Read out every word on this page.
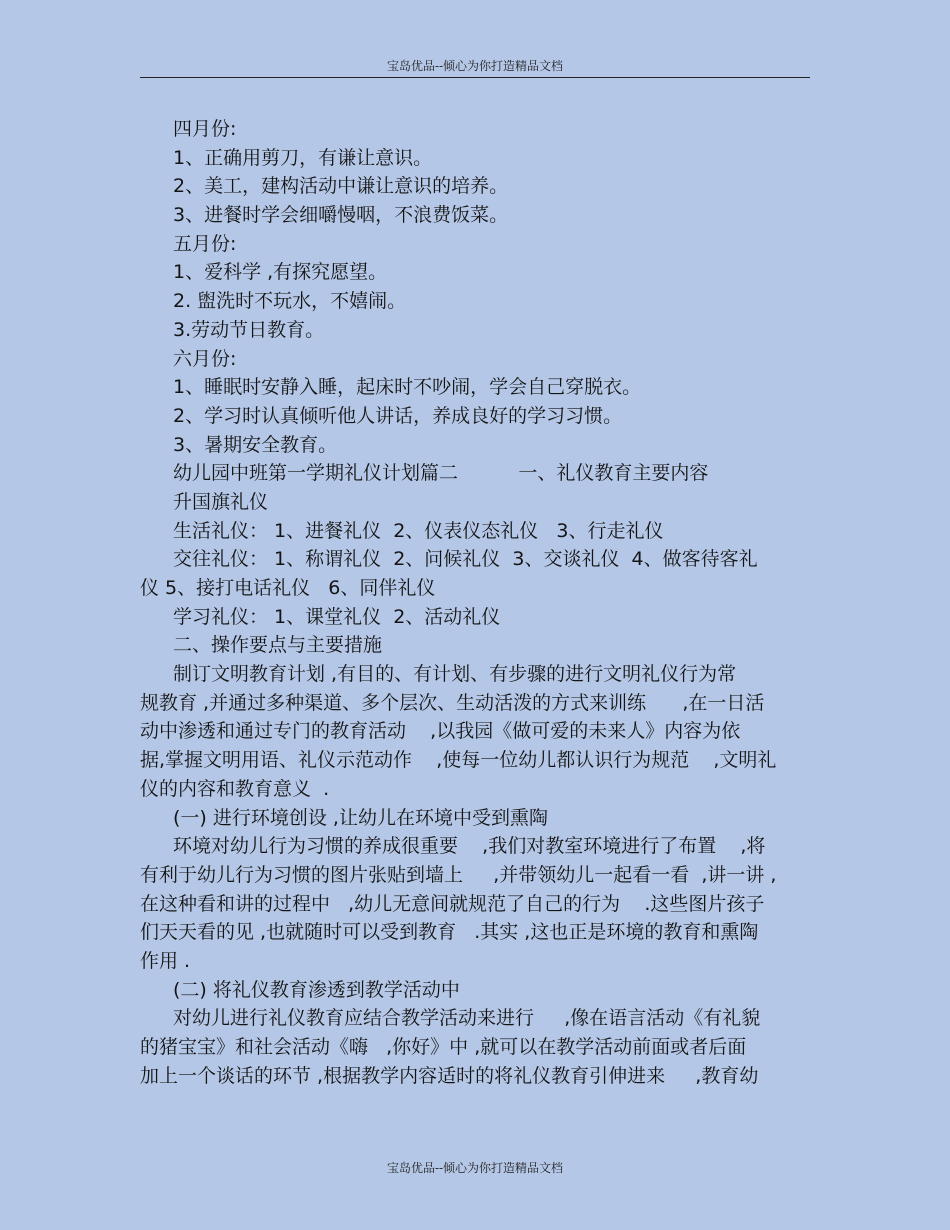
宝岛优品--倾心为你打造精品文档
四月份:
1、正确用剪刀，有谦让意识。
2、美工，建构活动中谦让意识的培养。
3、进餐时学会细嚼慢咽，不浪费饭菜。
五月份:
1、爱科学 ,有探究愿望。
2. 盥洗时不玩水，不嬉闹。
3.劳动节日教育。
六月份:
1、睡眠时安静入睡，起床时不吵闹，学会自己穿脱衣。
2、学习时认真倾听他人讲话，养成良好的学习习惯。
3、暑期安全教育。
幼儿园中班第一学期礼仪计划篇二          一、礼仪教育主要内容
升国旗礼仪
生活礼仪： 1、进餐礼仪  2、仪表仪态礼仪   3、行走礼仪
交往礼仪： 1、称谓礼仪  2、问候礼仪  3、交谈礼仪  4、做客待客礼
仪 5、接打电话礼仪   6、同伴礼仪
学习礼仪： 1、课堂礼仪  2、活动礼仪
二、操作要点与主要措施
制订文明教育计划 ,有目的、有计划、有步骤的进行文明礼仪行为常
规教育 ,并通过多种渠道、多个层次、生动活泼的方式来训练      ,在一日活
动中渗透和通过专门的教育活动    ,以我园《做可爱的未来人》内容为依
据,掌握文明用语、礼仪示范动作    ,使每一位幼儿都认识行为规范    ,文明礼
仪的内容和教育意义  .
(一) 进行环境创设 ,让幼儿在环境中受到熏陶
环境对幼儿行为习惯的养成很重要    ,我们对教室环境进行了布置    ,将
有利于幼儿行为习惯的图片张贴到墙上     ,并带领幼儿一起看一看  ,讲一讲 ,
在这种看和讲的过程中   ,幼儿无意间就规范了自己的行为    .这些图片孩子
们天天看的见 ,也就随时可以受到教育   .其实 ,这也正是环境的教育和熏陶
作用 .
(二) 将礼仪教育渗透到教学活动中
对幼儿进行礼仪教育应结合教学活动来进行     ,像在语言活动《有礼貌
的猪宝宝》和社会活动《嗨   ,你好》中 ,就可以在教学活动前面或者后面
加上一个谈话的环节 ,根据教学内容适时的将礼仪教育引伸进来     ,教育幼
宝岛优品--倾心为你打造精品文档
